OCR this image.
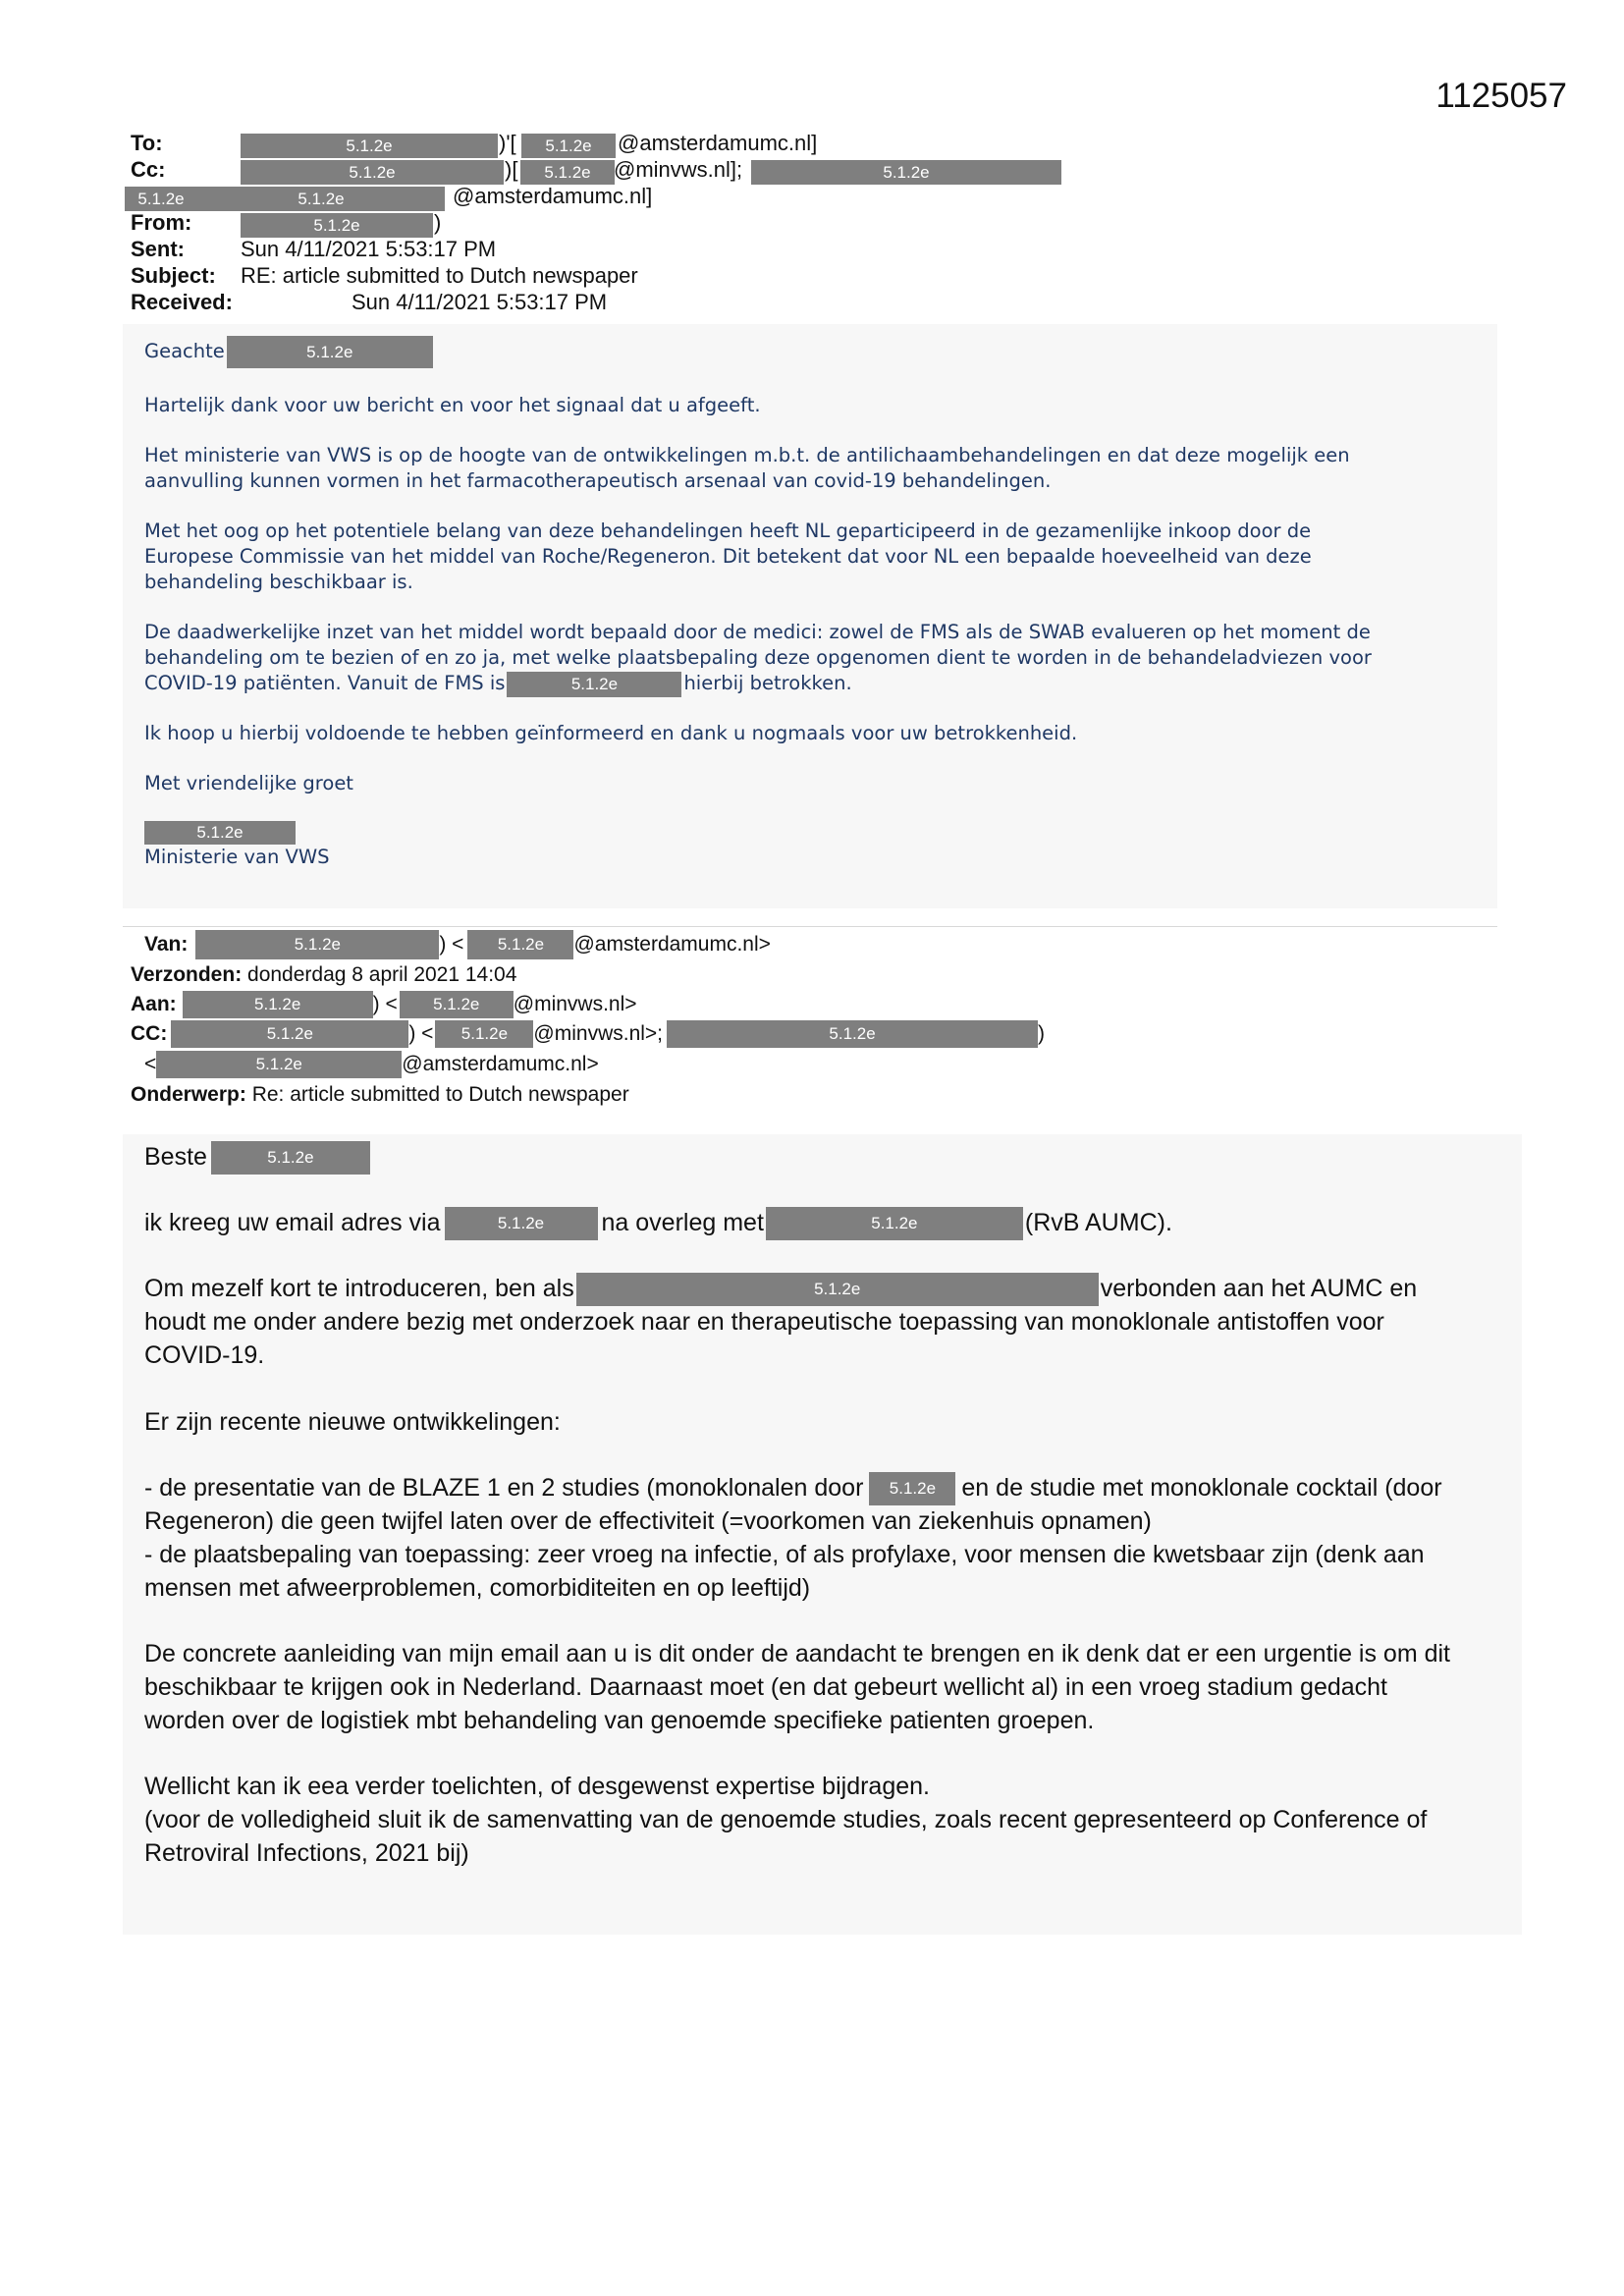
1125057
To:	5.1.2e	)'[	5.1.2e	@amsterdamumc.nl]
Cc:	5.1.2e	)[	5.1.2e	@minvws.nl];	5.1.2e
5.1.2e	5.1.2e	@amsterdamumc.nl]
From:	5.1.2e	)
Sent:	Sun 4/11/2021 5:53:17 PM
Subject: RE: article submitted to Dutch newspaper
Received:	Sun 4/11/2021 5:53:17 PM
Geachte	5.1.2e
Hartelijk dank voor uw bericht en voor het signaal dat u afgeeft.
Het ministerie van VWS is op de hoogte van de ontwikkelingen m.b.t. de antilichaambehandelingen en dat deze mogelijk een
aanvulling kunnen vormen in het farmacotherapeutisch arsenaal van covid-19 behandelingen.
Met het oog op het potentiele belang van deze behandelingen heeft NL geparticipeerd in de gezamenlijke inkoop door de
Europese Commissie van het middel van Roche/Regeneron. Dit betekent dat voor NL een bepaalde hoeveelheid van deze
behandeling beschikbaar is.
De daadwerkelijke inzet van het middel wordt bepaald door de medici: zowel de FMS als de SWAB evalueren op het moment de
behandeling om te bezien of en zo ja, met welke plaatsbepaling deze opgenomen dient te worden in de behandeladviezen voor
COVID-19 patiënten. Vanuit de FMS is	5.1.2e	hierbij betrokken.
Ik hoop u hierbij voldoende te hebben geïnformeerd en dank u nogmaals voor uw betrokkenheid.
Met vriendelijke groet
5.1.2e
Ministerie van VWS
Van:	5.1.2e	) < 5.1.2e @amsterdamumc.nl>
Verzonden: donderdag 8 april 2021 14:04
Aan:	5.1.2e	) < 5.1.2e @minvws.nl>
CC:	5.1.2e	) < 5.1.2e @minvws.nl>;	5.1.2e	)
<	5.1.2e	@amsterdamumc.nl>
Onderwerp: Re: article submitted to Dutch newspaper
Beste	5.1.2e
ik kreeg uw email adres via	5.1.2e na overleg met	5.1.2e	(RvB AUMC).
Om mezelf kort te introduceren, ben als	5.1.2e	verbonden aan het AUMC en
houdt me onder andere bezig met onderzoek naar en therapeutische toepassing van monoklonale antistoffen voor
COVID-19.
Er zijn recente nieuwe ontwikkelingen:
- de presentatie van de BLAZE 1 en 2 studies (monoklonalen door 5.1.2e en de studie met monoklonale cocktail (door
Regeneron) die geen twijfel laten over de effectiviteit (=voorkomen van ziekenhuis opnamen)
- de plaatsbepaling van toepassing: zeer vroeg na infectie, of als profylaxe, voor mensen die kwetsbaar zijn (denk aan
mensen met afweerproblemen, comorbiditeiten en op leeftijd)
De concrete aanleiding van mijn email aan u is dit onder de aandacht te brengen en ik denk dat er een urgentie is om dit
beschikbaar te krijgen ook in Nederland. Daarnaast moet (en dat gebeurt wellicht al) in een vroeg stadium gedacht
worden over de logistiek mbt behandeling van genoemde specifieke patienten groepen.
Wellicht kan ik eea verder toelichten, of desgewenst expertise bijdragen.
(voor de volledigheid sluit ik de samenvatting van de genoemde studies, zoals recent gepresenteerd op Conference of
Retroviral Infections, 2021 bij)
